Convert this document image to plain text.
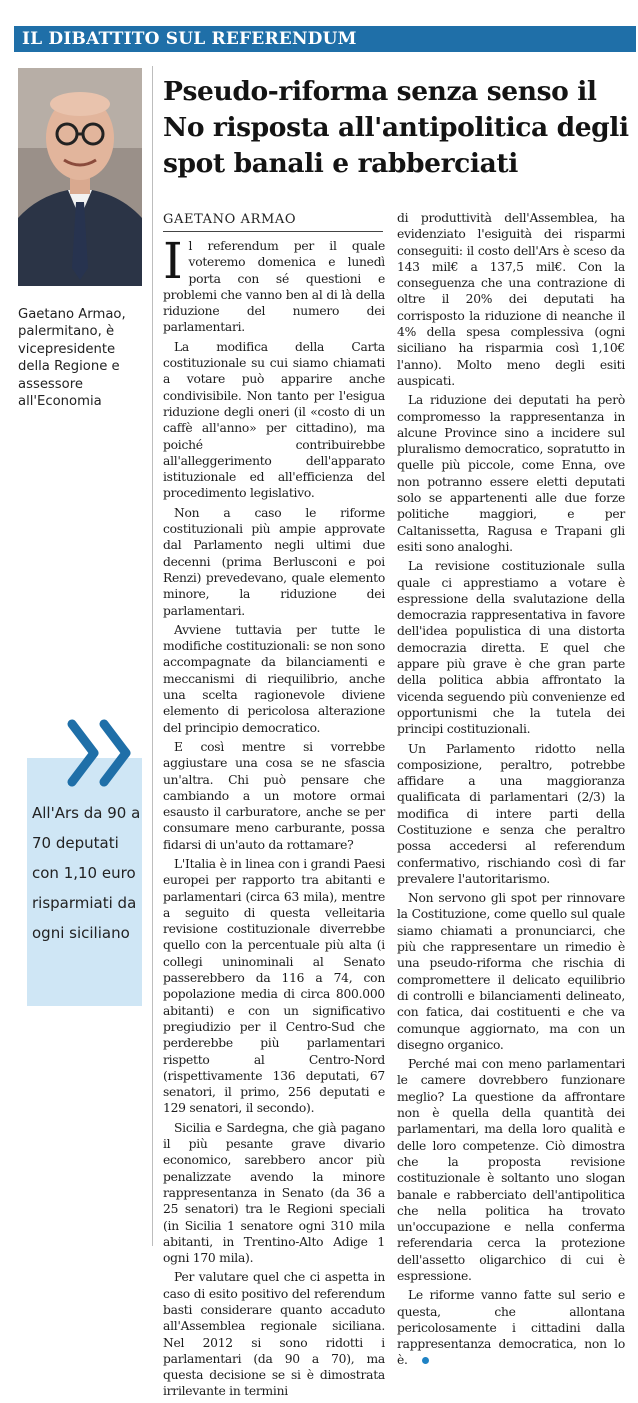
IL DIBATTITO SUL REFERENDUM
Gaetano Armao, palermitano, è vicepresidente della Regione e assessore all'Economia
Pseudo-riforma senza senso il No risposta all'antipolitica degli spot banali e rabberciati
GAETANO ARMAO

Il referendum per il quale voteremo domenica e lunedì porta con sé questioni e problemi che vanno ben al di là della riduzione del numero dei parlamentari.

La modifica della Carta costituzionale su cui siamo chiamati a votare può apparire anche condivisibile. Non tanto per l'esigua riduzione degli oneri (il «costo di un caffè all'anno» per cittadino), ma poiché contribuirebbe all'alleggerimento dell'apparato istituzionale ed all'efficienza del procedimento legislativo.

Non a caso le riforme costituzionali più ampie approvate dal Parlamento negli ultimi due decenni (prima Berlusconi e poi Renzi) prevedevano, quale elemento minore, la riduzione dei parlamentari.

Avviene tuttavia per tutte le modifiche costituzionali: se non sono accompagnate da bilanciamenti e meccanismi di riequilibrio, anche una scelta ragionevole diviene elemento di pericolosa alterazione del principio democratico.

E così mentre si vorrebbe aggiustare una cosa se ne sfascia un'altra. Chi può pensare che cambiando a un motore ormai esausto il carburatore, anche se per consumare meno carburante, possa fidarsi di un'auto da rottamare?

L'Italia è in linea con i grandi Paesi europei per rapporto tra abitanti e parlamentari (circa 63 mila), mentre a seguito di questa velleitaria revisione costituzionale diverrebbe quello con la percentuale più alta (i collegi uninominali al Senato passerebbero da 116 a 74, con popolazione media di circa 800.000 abitanti) e con un significativo pregiudizio per il Centro-Sud che perderebbe più parlamentari rispetto al Centro-Nord (rispettivamente 136 deputati, 67 senatori, il primo, 256 deputati e 129 senatori, il secondo).

Sicilia e Sardegna, che già pagano il più pesante grave divario economico, sarebbero ancor più penalizzate avendo la minore rappresentanza in Senato (da 36 a 25 senatori) tra le Regioni speciali (in Sicilia 1 senatore ogni 310 mila abitanti, in Trentino-Alto Adige 1 ogni 170 mila).

Per valutare quel che ci aspetta in caso di esito positivo del referendum basti considerare quanto accaduto all'Assemblea regionale siciliana. Nel 2012 si sono ridotti i parlamentari (da 90 a 70), ma questa decisione se si è dimostrata irrilevante in termini

di produttività dell'Assemblea, ha evidenziato l'esiguità dei risparmi conseguiti: il costo dell'Ars è sceso da 143 mil€ a 137,5 mil€. Con la conseguenza che una contrazione di oltre il 20% dei deputati ha corrisposto la riduzione di neanche il 4% della spesa complessiva (ogni siciliano ha risparmia così 1,10€ l'anno). Molto meno degli esiti auspicati.

La riduzione dei deputati ha però compromesso la rappresentanza in alcune Province sino a incidere sul pluralismo democratico, sopratutto in quelle più piccole, come Enna, ove non potranno essere eletti deputati solo se appartenenti alle due forze politiche maggiori, e per Caltanissetta, Ragusa e Trapani gli esiti sono analoghi.

La revisione costituzionale sulla quale ci apprestiamo a votare è espressione della svalutazione della democrazia rappresentativa in favore dell'idea populistica di una distorta democrazia diretta. E quel che appare più grave è che gran parte della politica abbia affrontato la vicenda seguendo più convenienze ed opportunismi che la tutela dei principi costituzionali.

Un Parlamento ridotto nella composizione, peraltro, potrebbe affidare a una maggioranza qualificata di parlamentari (2/3) la modifica di intere parti della Costituzione e senza che peraltro possa accedersi al referendum confermativo, rischiando così di far prevalere l'autoritarismo.

Non servono gli spot per rinnovare la Costituzione, come quello sul quale siamo chiamati a pronunciarci, che più che rappresentare un rimedio è una pseudo-riforma che rischia di compromettere il delicato equilibrio di controlli e bilanciamenti delineato, con fatica, dai costituenti e che va comunque aggiornato, ma con un disegno organico.

Perché mai con meno parlamentari le camere dovrebbero funzionare meglio? La questione da affrontare non è quella della quantità dei parlamentari, ma della loro qualità e delle loro competenze. Ciò dimostra che la proposta revisione costituzionale è soltanto uno slogan banale e rabberciato dell'antipolitica che nella politica ha trovato un'occupazione e nella conferma referendaria cerca la protezione dell'assetto oligarchico di cui è espressione.

Le riforme vanno fatte sul serio e questa, che allontana pericolosamente i cittadini dalla rappresentanza democratica, non lo è.

All'Ars da 90 a 70 deputati con 1,10 euro risparmiati da ogni siciliano
